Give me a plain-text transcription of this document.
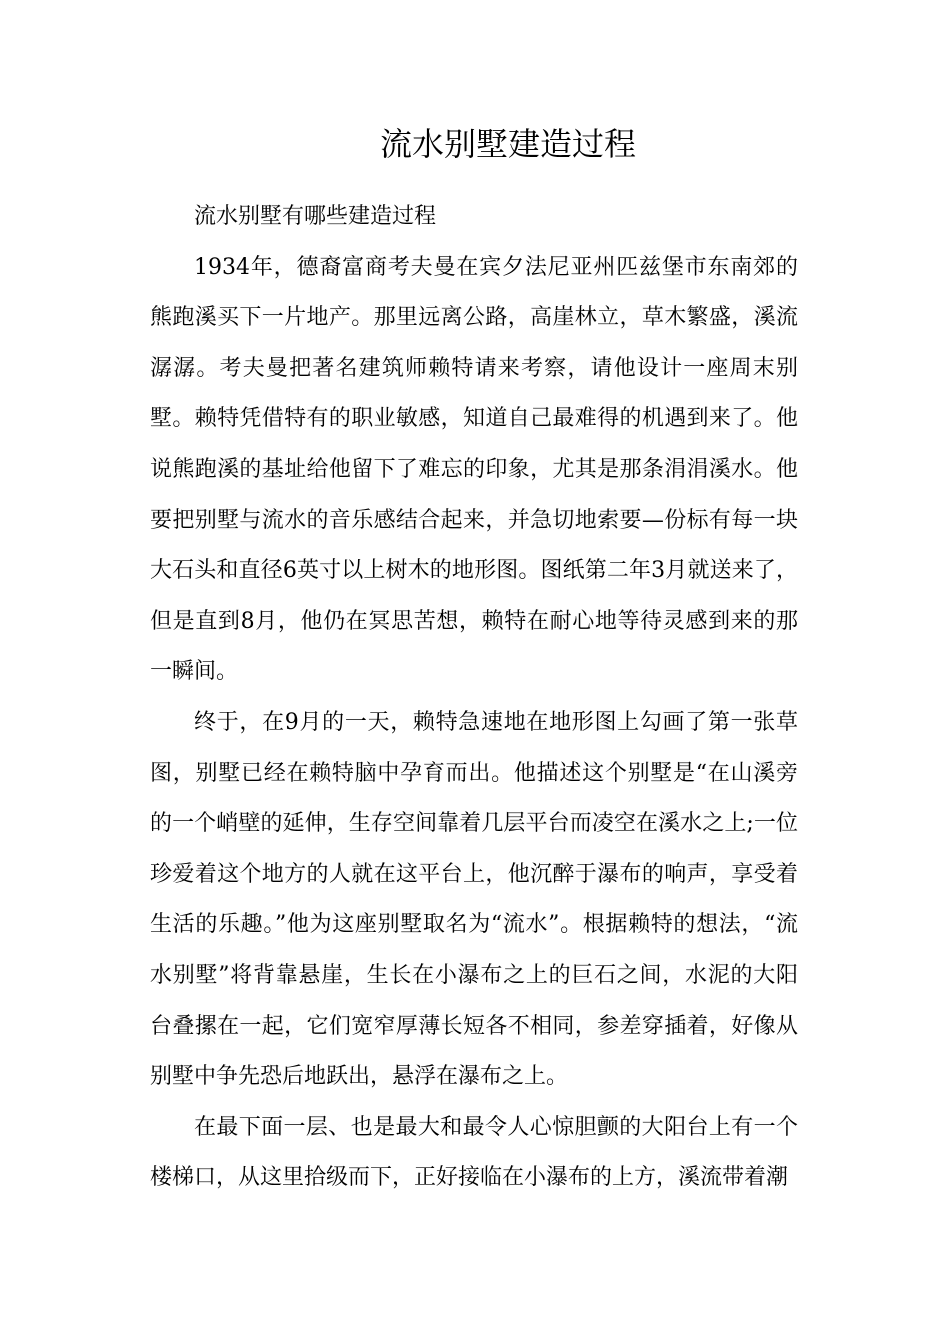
流水别墅建造过程

流水别墅有哪些建造过程

1934年，德裔富商考夫曼在宾夕法尼亚州匹兹堡市东南郊的熊跑溪买下一片地产。那里远离公路，高崖林立，草木繁盛，溪流潺潺。考夫曼把著名建筑师赖特请来考察，请他设计一座周末别墅。赖特凭借特有的职业敏感，知道自己最难得的机遇到来了。他说熊跑溪的基址给他留下了难忘的印象，尤其是那条涓涓溪水。他要把别墅与流水的音乐感结合起来，并急切地索要—份标有每一块大石头和直径6英寸以上树木的地形图。图纸第二年3月就送来了，但是直到8月，他仍在冥思苦想，赖特在耐心地等待灵感到来的那一瞬间。

终于，在9月的一天，赖特急速地在地形图上勾画了第一张草图，别墅已经在赖特脑中孕育而出。他描述这个别墅是“在山溪旁的一个峭壁的延伸，生存空间靠着几层平台而凌空在溪水之上;一位珍爱着这个地方的人就在这平台上，他沉醉于瀑布的响声，享受着生活的乐趣。”他为这座别墅取名为“流水”。根据赖特的想法，“流水别墅”将背靠悬崖，生长在小瀑布之上的巨石之间，水泥的大阳台叠摞在一起，它们宽窄厚薄长短各不相同，参差穿插着，好像从别墅中争先恐后地跃出，悬浮在瀑布之上。

在最下面一层、也是最大和最令人心惊胆颤的大阳台上有一个楼梯口，从这里拾级而下，正好接临在小瀑布的上方，溪流带着潮
